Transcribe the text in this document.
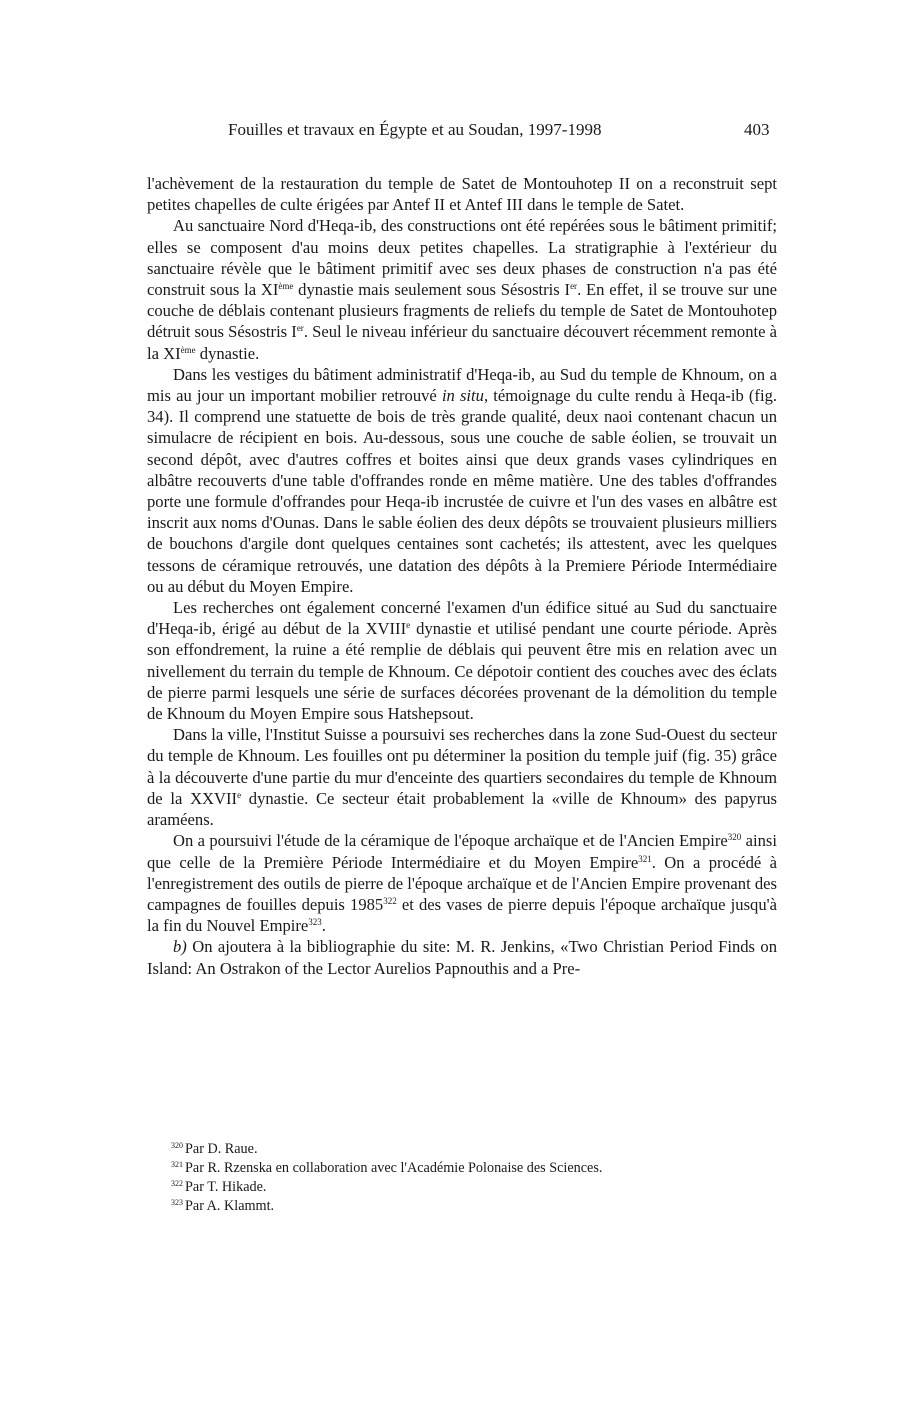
Fouilles et travaux en Égypte et au Soudan, 1997-1998	403

l'achèvement de la restauration du temple de Satet de Montouhotep II on a reconstruit sept petites chapelles de culte érigées par Antef II et Antef III dans le temple de Satet.

Au sanctuaire Nord d'Heqa-ib, des constructions ont été repérées sous le bâtiment primitif; elles se composent d'au moins deux petites chapelles. La stratigraphie à l'extérieur du sanctuaire révèle que le bâtiment primitif avec ses deux phases de construction n'a pas été construit sous la XIème dynastie mais seulement sous Sésostris Ier. En effet, il se trouve sur une couche de déblais contenant plusieurs fragments de reliefs du temple de Satet de Montouhotep détruit sous Sésostris Ier. Seul le niveau inférieur du sanctuaire découvert récemment remonte à la XIème dynastie.

Dans les vestiges du bâtiment administratif d'Heqa-ib, au Sud du temple de Khnoum, on a mis au jour un important mobilier retrouvé in situ, témoignage du culte rendu à Heqa-ib (fig. 34). Il comprend une statuette de bois de très grande qualité, deux naoi contenant chacun un simulacre de récipient en bois. Au-dessous, sous une couche de sable éolien, se trouvait un second dépôt, avec d'autres coffres et boites ainsi que deux grands vases cylindriques en albâtre recouverts d'une table d'offrandes ronde en même matière. Une des tables d'offrandes porte une formule d'offrandes pour Heqa-ib incrustée de cuivre et l'un des vases en albâtre est inscrit aux noms d'Ounas. Dans le sable éolien des deux dépôts se trouvaient plusieurs milliers de bouchons d'argile dont quelques centaines sont cachetés; ils attestent, avec les quelques tessons de céramique retrouvés, une datation des dépôts à la Premiere Période Intermédiaire ou au début du Moyen Empire.

Les recherches ont également concerné l'examen d'un édifice situé au Sud du sanctuaire d'Heqa-ib, érigé au début de la XVIIIe dynastie et utilisé pendant une courte période. Après son effondrement, la ruine a été remplie de déblais qui peuvent être mis en relation avec un nivellement du terrain du temple de Khnoum. Ce dépotoir contient des couches avec des éclats de pierre parmi lesquels une série de surfaces décorées provenant de la démolition du temple de Khnoum du Moyen Empire sous Hatshepsout.

Dans la ville, l'Institut Suisse a poursuivi ses recherches dans la zone Sud-Ouest du secteur du temple de Khnoum. Les fouilles ont pu déterminer la position du temple juif (fig. 35) grâce à la découverte d'une partie du mur d'enceinte des quartiers secondaires du temple de Khnoum de la XXVIIe dynastie. Ce secteur était probablement la «ville de Khnoum» des papyrus araméens.

On a poursuivi l'étude de la céramique de l'époque archaïque et de l'Ancien Empire$^{320}$ ainsi que celle de la Première Période Intermédiaire et du Moyen Empire$^{321}$. On a procédé à l'enregistrement des outils de pierre de l'époque archaïque et de l'Ancien Empire provenant des campagnes de fouilles depuis 1985$^{322}$ et des vases de pierre depuis l'époque archaïque jusqu'à la fin du Nouvel Empire$^{323}$.

b) On ajoutera à la bibliographie du site: M. R. Jenkins, «Two Christian Period Finds on Island: An Ostrakon of the Lector Aurelios Papnouthis and a Pre-

$^{320}$ Par D. Raue.
$^{321}$ Par R. Rzenska en collaboration avec l'Académie Polonaise des Sciences.
$^{322}$ Par T. Hikade.
$^{323}$ Par A. Klammt.
